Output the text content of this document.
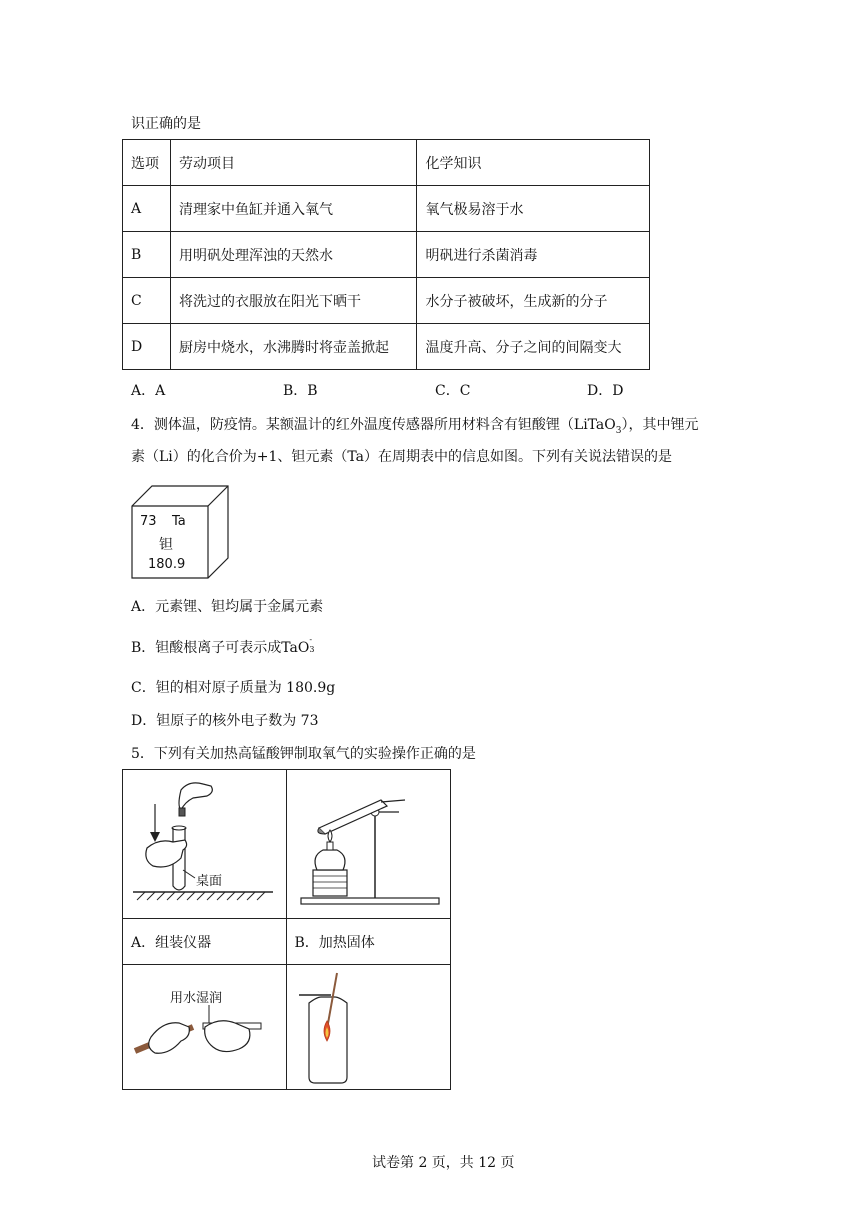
识正确的是
选项	劳动项目	化学知识
A	清理家中鱼缸并通入氧气	氧气极易溶于水
B	用明矾处理浑浊的天然水	明矾进行杀菌消毒
C	将洗过的衣服放在阳光下晒干	水分子被破坏，生成新的分子
D	厨房中烧水，水沸腾时将壶盖掀起	温度升高、分子之间的间隔变大
A．A	B．B	C．C	D．D
4．测体温，防疫情。某额温计的红外温度传感器所用材料含有钽酸锂（LiTaO$_3$），其中锂元
素（Li）的化合价为+1、钽元素（Ta）在周期表中的信息如图。下列有关说法错误的是
73 Ta
钽
180.9
A．元素锂、钽均属于金属元素
B．钽酸根离子可表示成TaO
-
3
C．钽的相对原子质量为 180.9g
D．钽原子的核外电子数为 73
5．下列有关加热高锰酸钾制取氧气的实验操作正确的是
桌面

A．组装仪器	B．加热固体

用水湿润

试卷第 2 页，共 12 页
